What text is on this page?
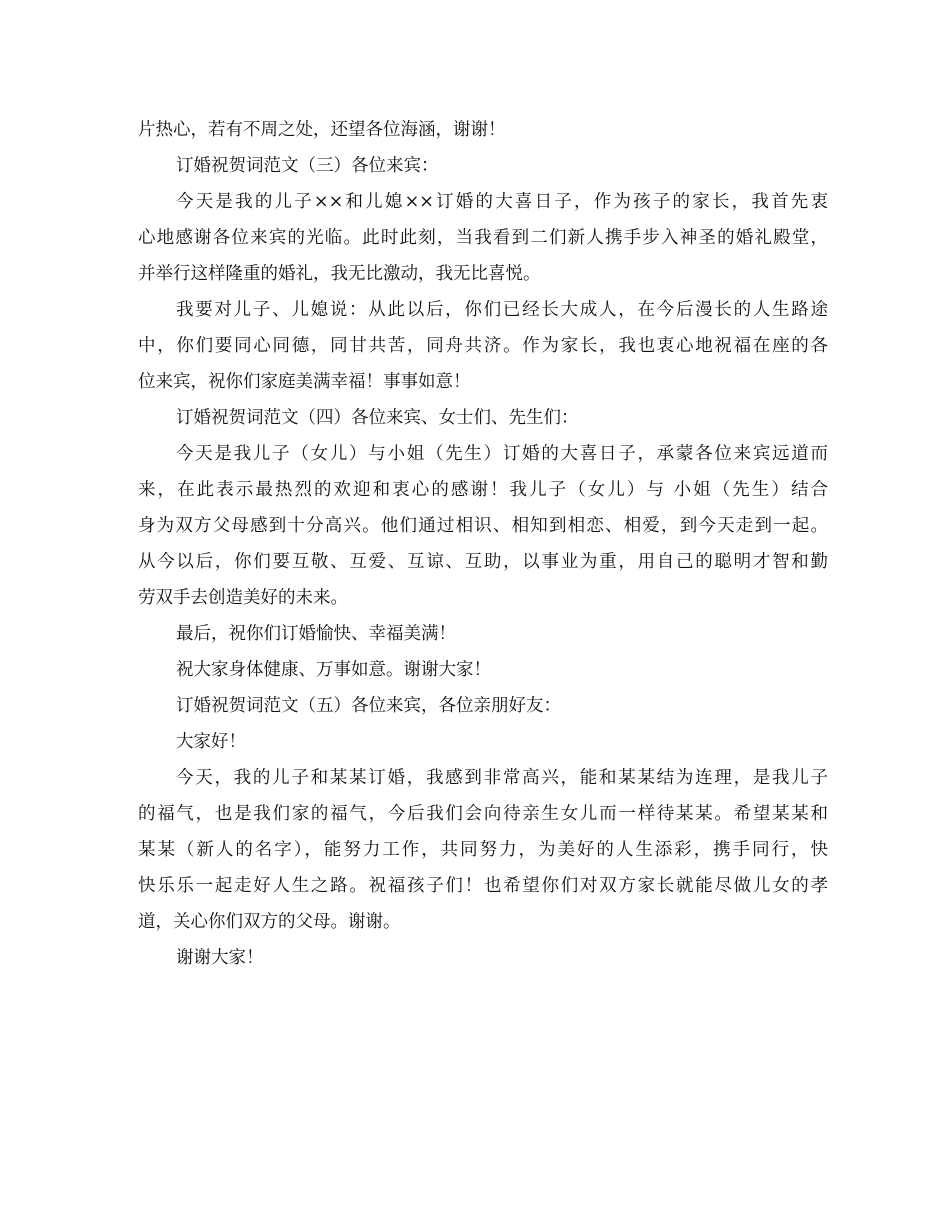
片热心，若有不周之处，还望各位海涵，谢谢！
订婚祝贺词范文（三）各位来宾：
今天是我的儿子××和儿媳××订婚的大喜日子，作为孩子的家长，我首先衷
心地感谢各位来宾的光临。此时此刻，当我看到二们新人携手步入神圣的婚礼殿堂，
并举行这样隆重的婚礼，我无比激动，我无比喜悦。
我要对儿子、儿媳说：从此以后，你们已经长大成人，在今后漫长的人生路途
中，你们要同心同德，同甘共苦，同舟共济。作为家长，我也衷心地祝福在座的各
位来宾，祝你们家庭美满幸福！事事如意！
订婚祝贺词范文（四）各位来宾、女士们、先生们：
今天是我儿子（女儿）与小姐（先生）订婚的大喜日子，承蒙各位来宾远道而
来，在此表示最热烈的欢迎和衷心的感谢！我儿子（女儿）与 小姐（先生）结合
身为双方父母感到十分高兴。他们通过相识、相知到相恋、相爱，到今天走到一起。
从今以后，你们要互敬、互爱、互谅、互助，以事业为重，用自己的聪明才智和勤
劳双手去创造美好的未来。
最后，祝你们订婚愉快、幸福美满！
祝大家身体健康、万事如意。谢谢大家！
订婚祝贺词范文（五）各位来宾，各位亲朋好友：
大家好！
今天，我的儿子和某某订婚，我感到非常高兴，能和某某结为连理，是我儿子
的福气，也是我们家的福气，今后我们会向待亲生女儿而一样待某某。希望某某和
某某（新人的名字），能努力工作，共同努力，为美好的人生添彩，携手同行，快
快乐乐一起走好人生之路。祝福孩子们！也希望你们对双方家长就能尽做儿女的孝
道，关心你们双方的父母。谢谢。
谢谢大家！
